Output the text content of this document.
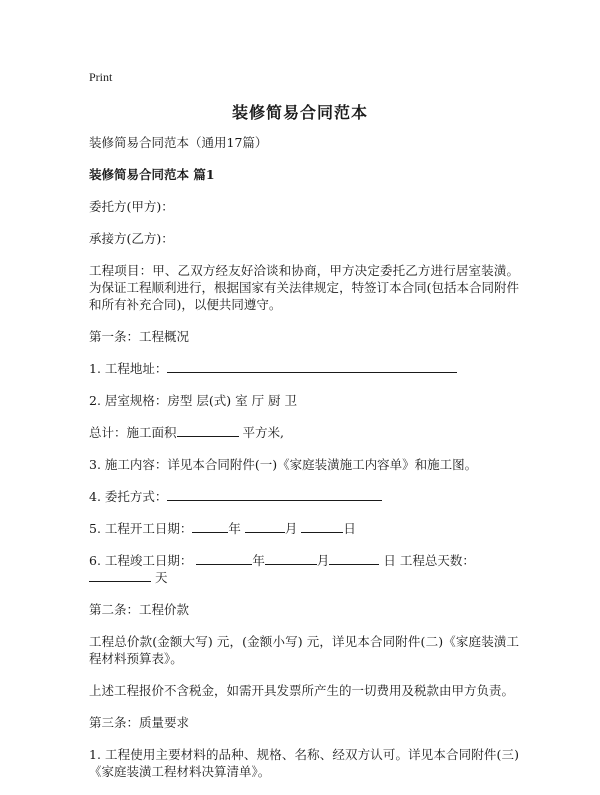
Print
装修简易合同范本

装修简易合同范本（通用17篇）

装修简易合同范本 篇1

委托方(甲方)：

承接方(乙方)：

工程项目：甲、乙双方经友好洽谈和协商，甲方决定委托乙方进行居室装潢。为保证工程顺利进行，根据国家有关法律规定，特签订本合同(包括本合同附件和所有补充合同)，以便共同遵守。

第一条：工程概况

1. 工程地址：

2. 居室规格：房型 层(式) 室 厅 厨 卫

总计：施工面积	平方米,

3. 施工内容：详见本合同附件(一)《家庭装潢施工内容单》和施工图。

4. 委托方式：

5. 工程开工日期：	年	月	日

6. 工程竣工日期：	年	月	日 工程总天数：
天

第二条：工程价款

工程总价款(金额大写) 元，(金额小写) 元，详见本合同附件(二)《家庭装潢工程材料预算表》。

上述工程报价不含税金，如需开具发票所产生的一切费用及税款由甲方负责。

第三条：质量要求

1. 工程使用主要材料的品种、规格、名称、经双方认可。详见本合同附件(三)《家庭装潢工程材料决算清单》。
